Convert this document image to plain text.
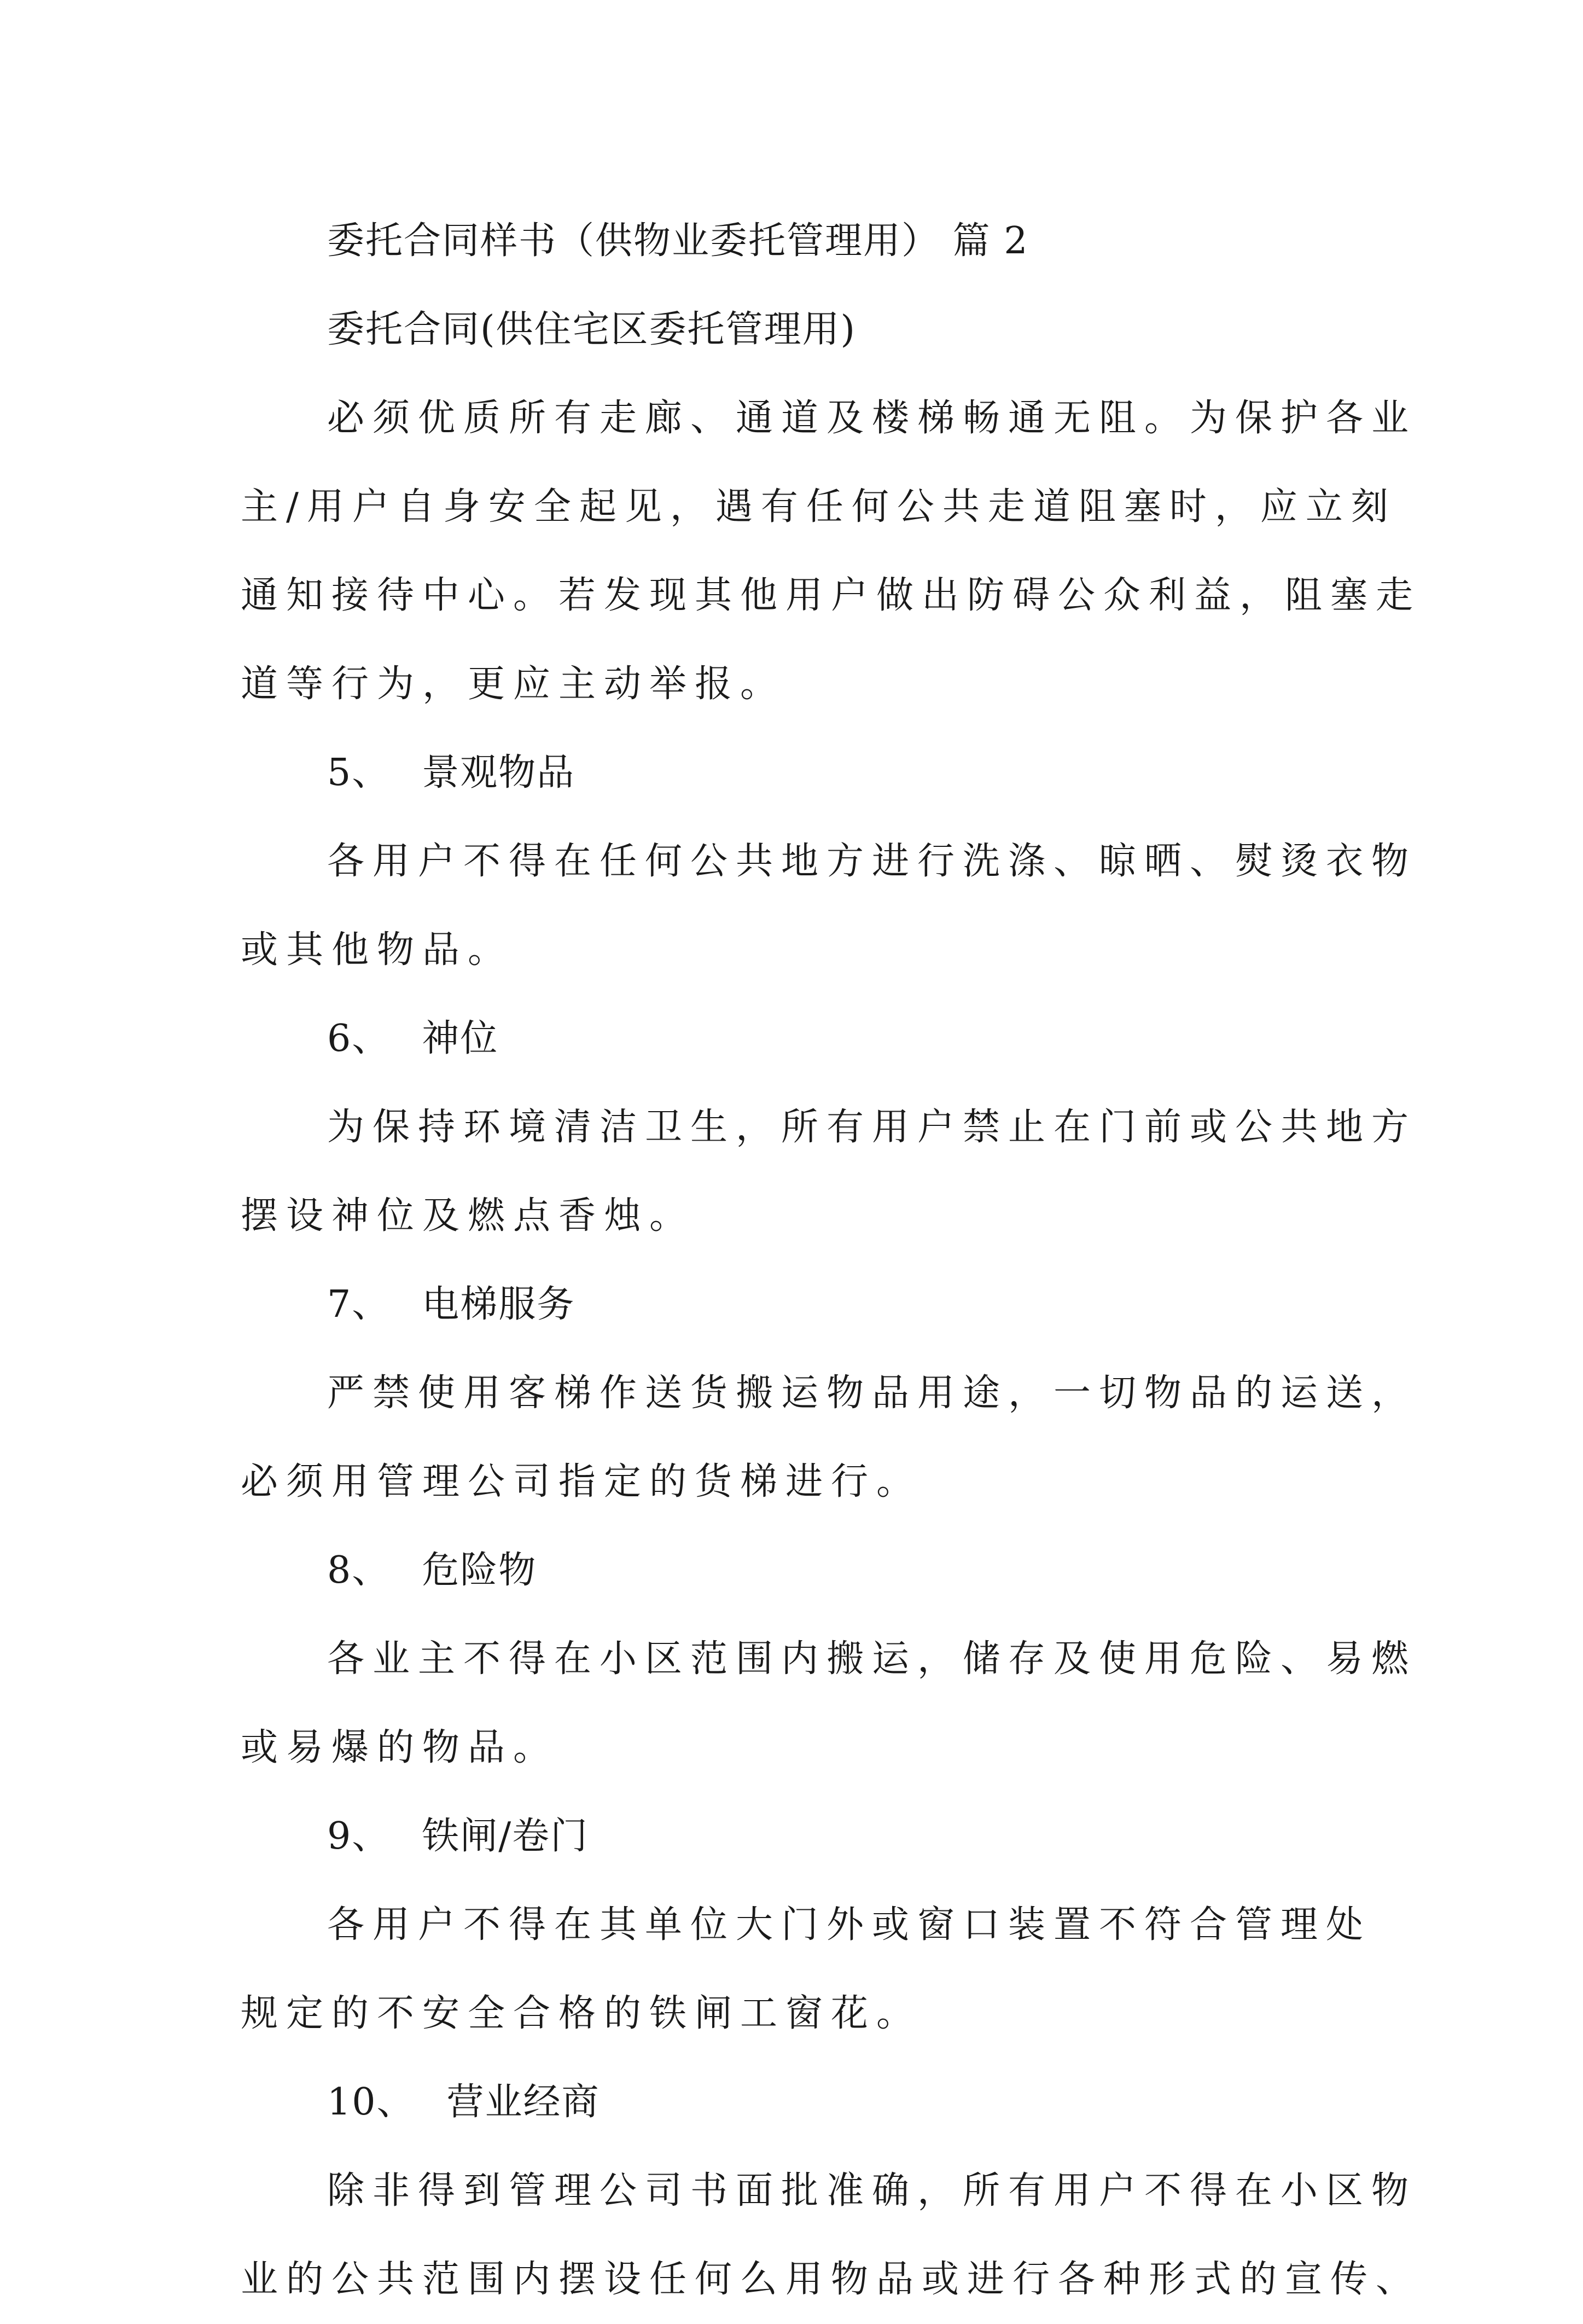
委托合同样书（供物业委托管理用） 篇 2
委托合同(供住宅区委托管理用)
必须优质所有走廊、通道及楼梯畅通无阻。为保护各业
主/用户自身安全起见，遇有任何公共走道阻塞时，应立刻
通知接待中心。若发现其他用户做出防碍公众利益，阻塞走
道等行为，更应主动举报。
5、 景观物品
各用户不得在任何公共地方进行洗涤、晾晒、熨烫衣物
或其他物品。
6、 神位
为保持环境清洁卫生，所有用户禁止在门前或公共地方
摆设神位及燃点香烛。
7、 电梯服务
严禁使用客梯作送货搬运物品用途，一切物品的运送，
必须用管理公司指定的货梯进行。
8、 危险物
各业主不得在小区范围内搬运，储存及使用危险、易燃
或易爆的物品。
9、 铁闸/卷门
各用户不得在其单位大门外或窗口装置不符合管理处
规定的不安全合格的铁闸工窗花。
10、 营业经商
除非得到管理公司书面批准确，所有用户不得在小区物
业的公共范围内摆设任何么用物品或进行各种形式的宣传、
